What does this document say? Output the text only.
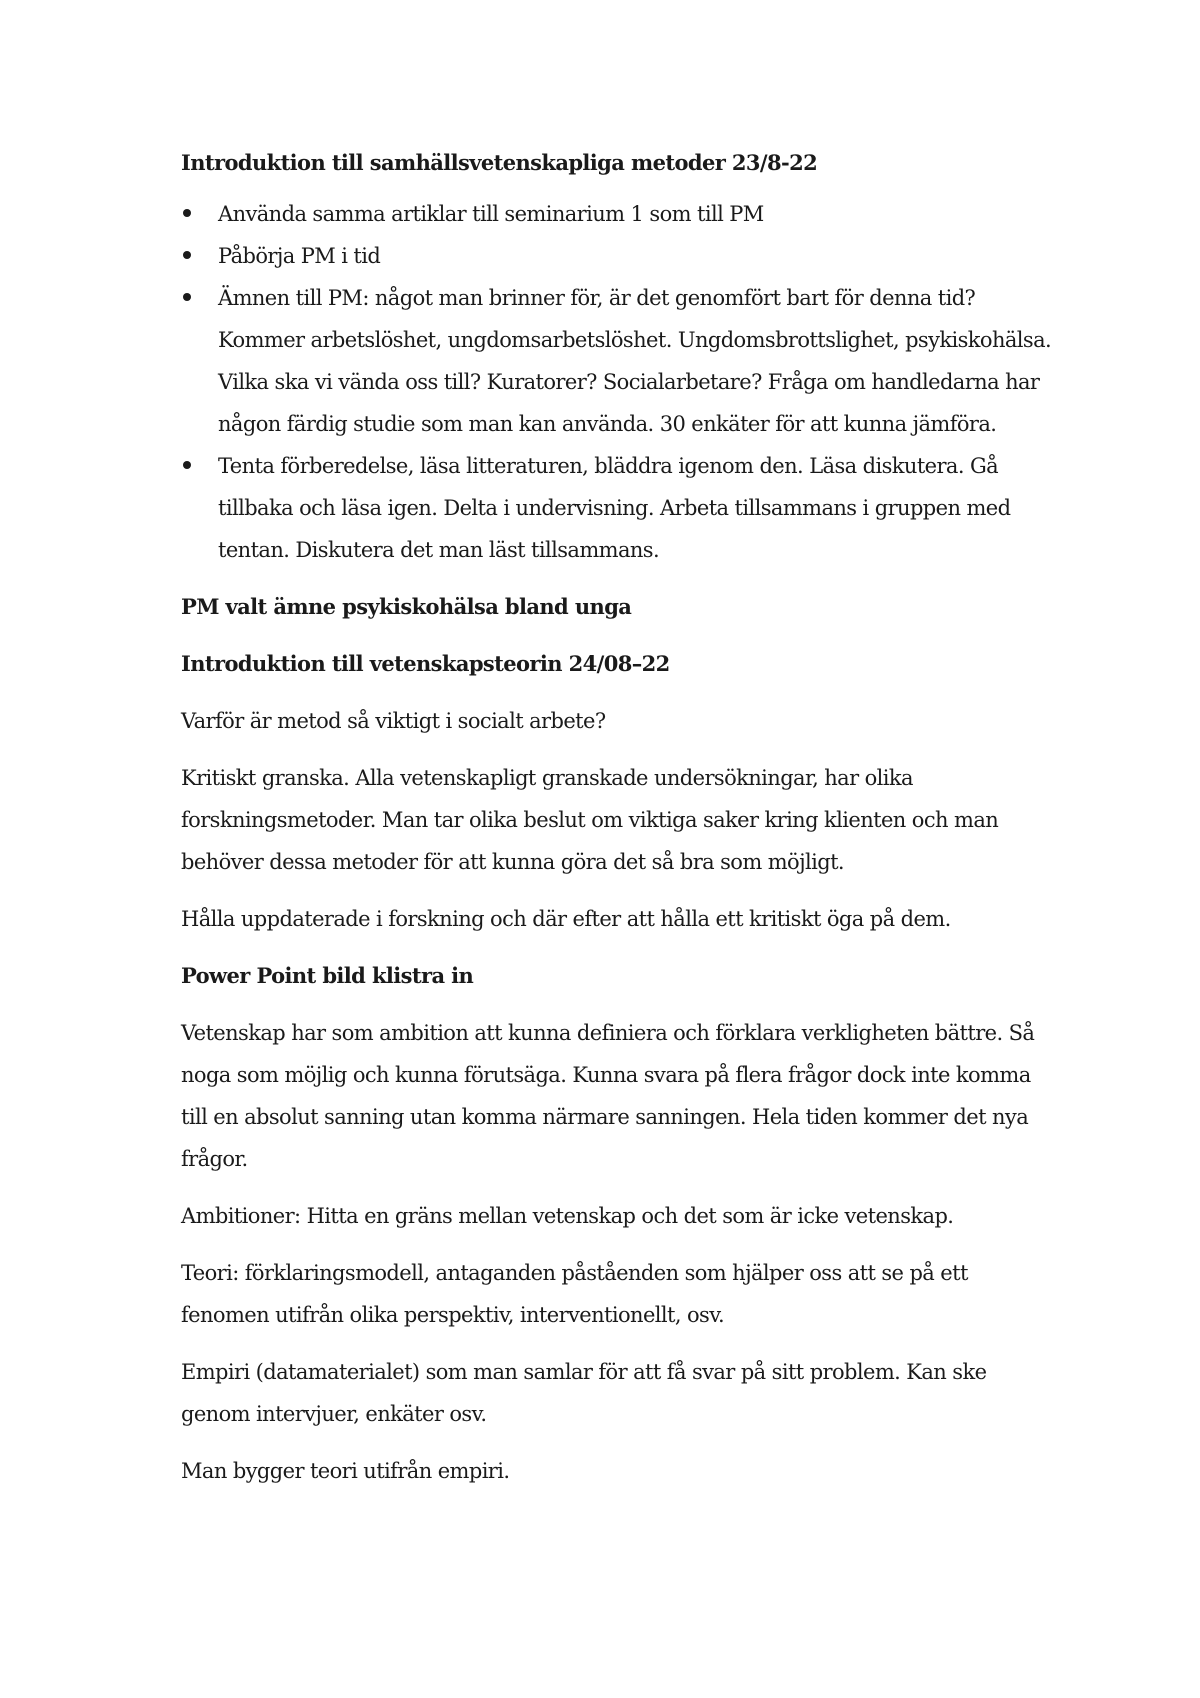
Introduktion till samhällsvetenskapliga metoder 23/8-22

Använda samma artiklar till seminarium 1 som till PM
Påbörja PM i tid
Ämnen till PM: något man brinner för, är det genomfört bart för denna tid? Kommer arbetslöshet, ungdomsarbetslöshet. Ungdomsbrottslighet, psykiskohälsa. Vilka ska vi vända oss till? Kuratorer? Socialarbetare? Fråga om handledarna har någon färdig studie som man kan använda. 30 enkäter för att kunna jämföra.
Tenta förberedelse, läsa litteraturen, bläddra igenom den. Läsa diskutera. Gå tillbaka och läsa igen. Delta i undervisning. Arbeta tillsammans i gruppen med tentan. Diskutera det man läst tillsammans.

PM valt ämne psykiskohälsa bland unga

Introduktion till vetenskapsteorin 24/08–22

Varför är metod så viktigt i socialt arbete?

Kritiskt granska. Alla vetenskapligt granskade undersökningar, har olika forskningsmetoder. Man tar olika beslut om viktiga saker kring klienten och man behöver dessa metoder för att kunna göra det så bra som möjligt.

Hålla uppdaterade i forskning och där efter att hålla ett kritiskt öga på dem.

Power Point bild klistra in

Vetenskap har som ambition att kunna definiera och förklara verkligheten bättre. Så noga som möjlig och kunna förutsäga. Kunna svara på flera frågor dock inte komma till en absolut sanning utan komma närmare sanningen. Hela tiden kommer det nya frågor.

Ambitioner: Hitta en gräns mellan vetenskap och det som är icke vetenskap.

Teori: förklaringsmodell, antaganden påståenden som hjälper oss att se på ett fenomen utifrån olika perspektiv, interventionellt, osv.

Empiri (datamaterialet) som man samlar för att få svar på sitt problem. Kan ske genom intervjuer, enkäter osv.

Man bygger teori utifrån empiri.
